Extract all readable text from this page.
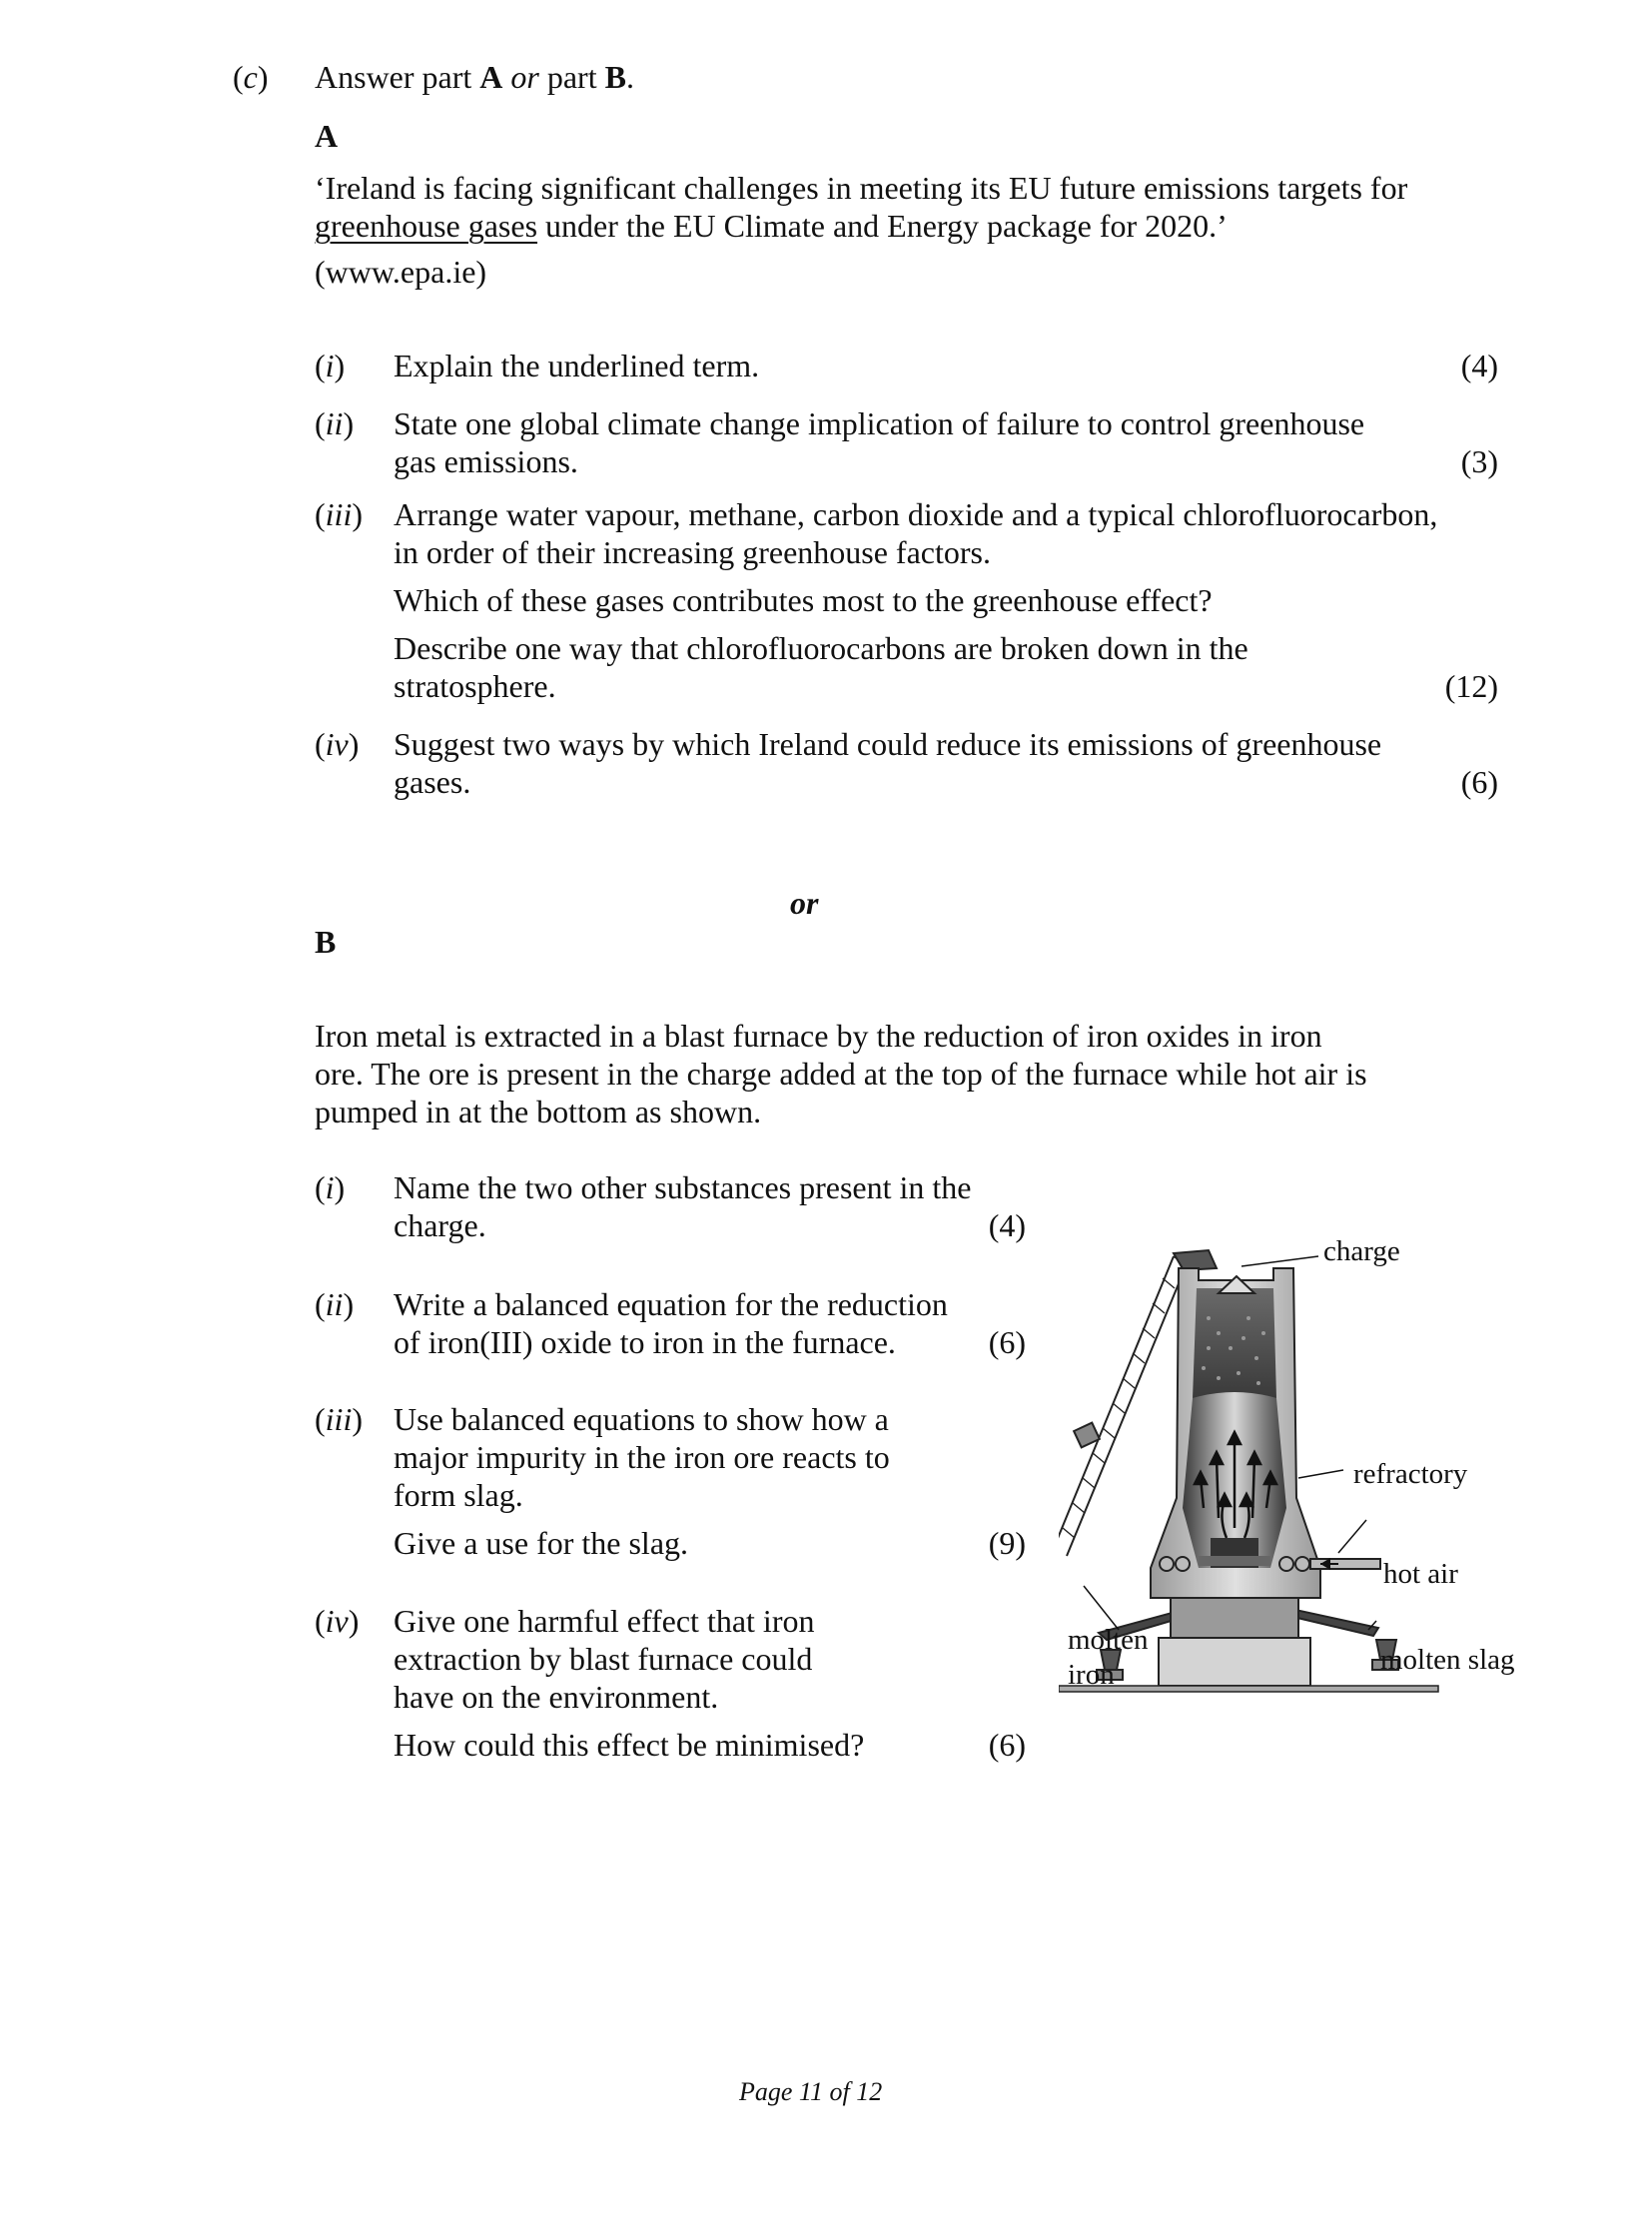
(c) Answer part A or part B.
A
‘Ireland is facing significant challenges in meeting its EU future emissions targets for
greenhouse gases under the EU Climate and Energy package for 2020.’
(www.epa.ie)
(i) Explain the underlined term.	(4)
(ii) State one global climate change implication of failure to control greenhouse
gas emissions.	(3)
(iii) Arrange water vapour, methane, carbon dioxide and a typical chlorofluorocarbon,
in order of their increasing greenhouse factors.
Which of these gases contributes most to the greenhouse effect?
Describe one way that chlorofluorocarbons are broken down in the
stratosphere.	(12)
(iv) Suggest two ways by which Ireland could reduce its emissions of greenhouse
gases.	(6)
or
B
Iron metal is extracted in a blast furnace by the reduction of iron oxides in iron
ore. The ore is present in the charge added at the top of the furnace while hot air is
pumped in at the bottom as shown.
(i) Name the two other substances present in the
charge.	(4)
(ii) Write a balanced equation for the reduction
of iron(III) oxide to iron in the furnace.	(6)
(iii) Use balanced equations to show how a
major impurity in the iron ore reacts to
form slag.
Give a use for the slag.	(9)
(iv) Give one harmful effect that iron
extraction by blast furnace could
have on the environment.
How could this effect be minimised?	(6)
charge
refractory
hot air
molten
iron	molten slag
Page 11 of 12
